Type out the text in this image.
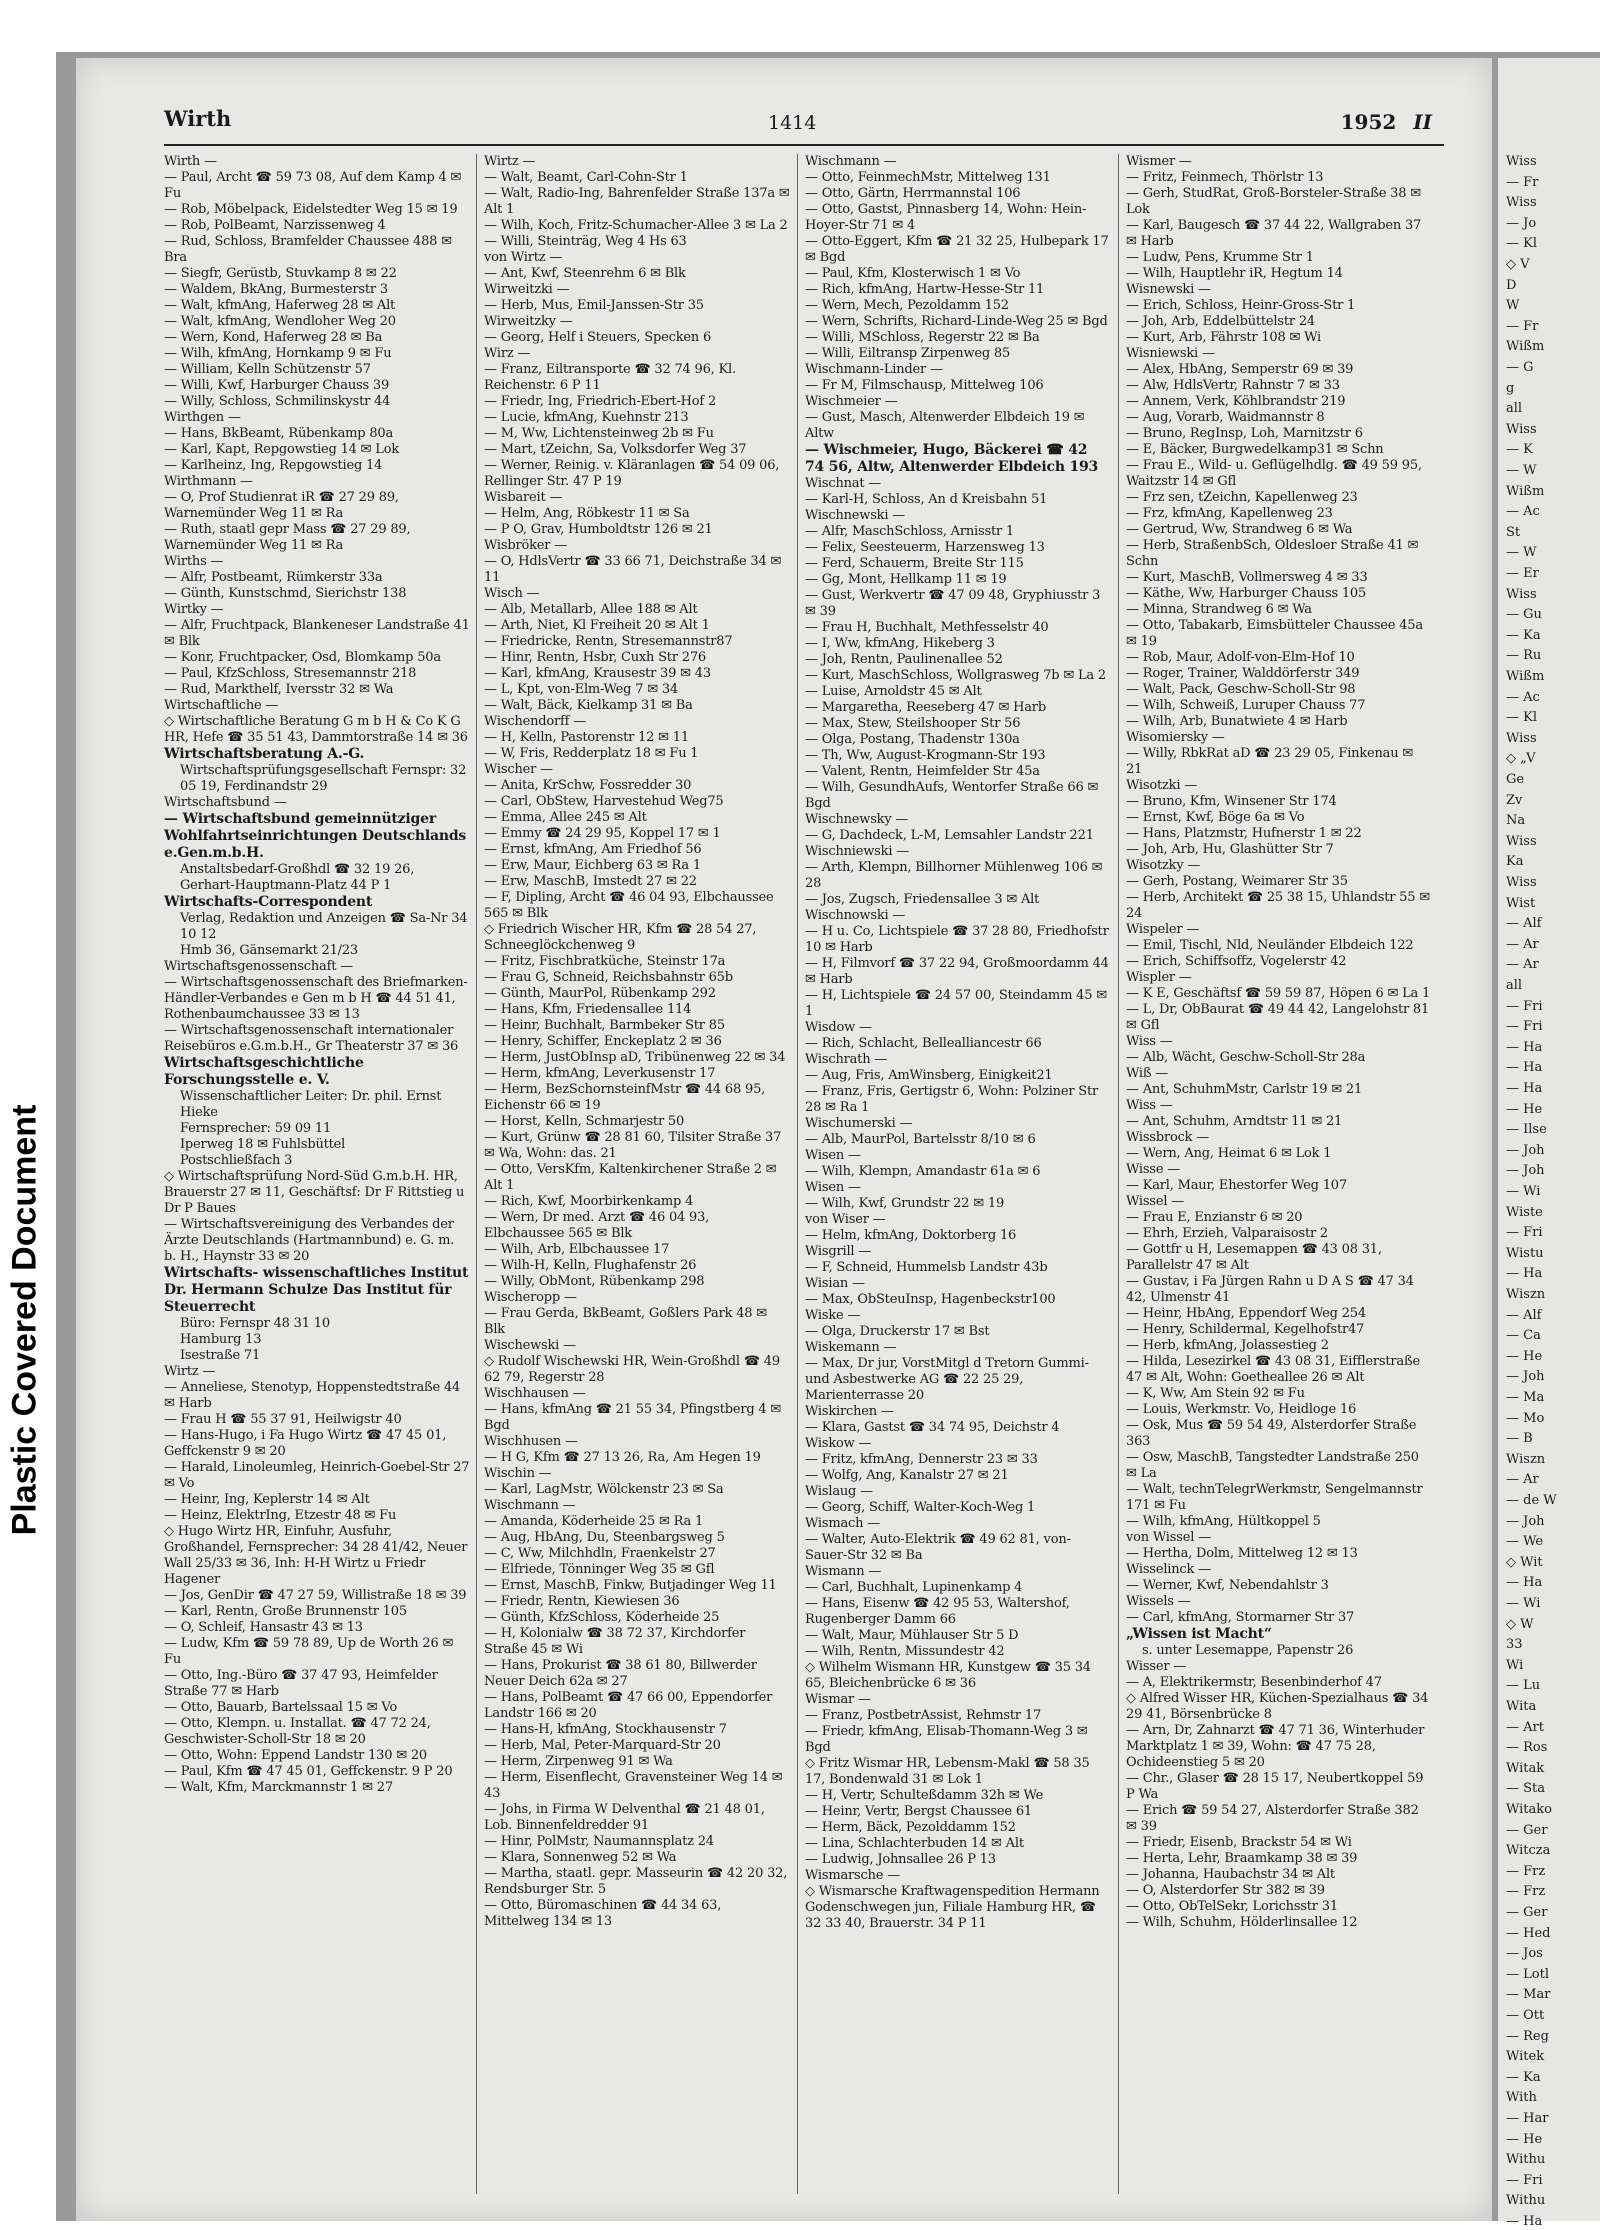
Plastic Covered Document
Wirth	1414	1952 II

Wirth —

— Paul, Archt ☎ 59 73 08, Auf dem Kamp 4 ✉ Fu

— Rob, Möbelpack, Eidelstedter Weg 15 ✉ 19

— Rob, PolBeamt, Narzissenweg 4

— Rud, Schloss, Bramfelder Chaussee 488 ✉ Bra

— Siegfr, Gerüstb, Stuvkamp 8 ✉ 22

— Waldem, BkAng, Burmesterstr 3

— Walt, kfmAng, Haferweg 28 ✉ Alt

— Walt, kfmAng, Wendloher Weg 20

— Wern, Kond, Haferweg 28 ✉ Ba

— Wilh, kfmAng, Hornkamp 9 ✉ Fu

— William, Kelln Schützenstr 57

— Willi, Kwf, Harburger Chauss 39

— Willy, Schloss, Schmilinskystr 44

Wirthgen —

— Hans, BkBeamt, Rübenkamp 80a

— Karl, Kapt, Repgowstieg 14 ✉ Lok

— Karlheinz, Ing, Repgowstieg 14

Wirthmann —

— O, Prof Studienrat iR ☎ 27 29 89, Warnemünder Weg 11 ✉ Ra

— Ruth, staatl gepr Mass ☎ 27 29 89, Warnemünder Weg 11 ✉ Ra

Wirths —

— Alfr, Postbeamt, Rümkerstr 33a

— Günth, Kunstschmd, Sierichstr 138

Wirtky —

— Alfr, Fruchtpack, Blankeneser Landstraße 41 ✉ Blk

— Konr, Fruchtpacker, Osd, Blomkamp 50a

— Paul, KfzSchloss, Stresemannstr 218

— Rud, Markthelf, Iversstr 32 ✉ Wa

Wirtschaftliche —

◇ Wirtschaftliche Beratung G m b H & Co K G HR, Hefe ☎ 35 51 43, Dammtorstraße 14 ✉ 36

Wirtschaftsberatung A.-G.

Wirtschaftsprüfungsgesellschaft Fernspr: 32 05 19, Ferdinandstr 29

Wirtschaftsbund —

— Wirtschaftsbund gemeinnütziger Wohlfahrtseinrichtungen Deutschlands e.Gen.m.b.H.

Anstaltsbedarf-Großhdl ☎ 32 19 26, Gerhart-Hauptmann-Platz 44 P 1

Wirtschafts-Correspondent

Verlag, Redaktion und Anzeigen ☎ Sa-Nr 34 10 12

Hmb 36, Gänsemarkt 21/23

Wirtschaftsgenossenschaft —

— Wirtschaftsgenossenschaft des Briefmarken-Händler-Verbandes e Gen m b H ☎ 44 51 41, Rothenbaumchaussee 33 ✉ 13

— Wirtschaftsgenossenschaft internationaler Reisebüros e.G.m.b.H., Gr Theaterstr 37 ✉ 36

Wirtschaftsgeschichtliche Forschungsstelle e. V.

Wissenschaftlicher Leiter: Dr. phil. Ernst Hieke

Fernsprecher: 59 09 11

Iperweg 18 ✉ Fuhlsbüttel

Postschließfach 3

◇ Wirtschaftsprüfung Nord-Süd G.m.b.H. HR, Brauerstr 27 ✉ 11, Geschäftsf: Dr F Rittstieg u Dr P Baues

— Wirtschaftsvereinigung des Verbandes der Ärzte Deutschlands (Hartmannbund) e. G. m. b. H., Haynstr 33 ✉ 20

Wirtschafts- wissenschaftliches Institut Dr. Hermann Schulze Das Institut für Steuerrecht

Büro: Fernspr 48 31 10

Hamburg 13

Isestraße 71

Wirtz —

— Anneliese, Stenotyp, Hoppenstedtstraße 44 ✉ Harb

— Frau H ☎ 55 37 91, Heilwigstr 40

— Hans-Hugo, i Fa Hugo Wirtz ☎ 47 45 01, Geffckenstr 9 ✉ 20

— Harald, Linoleumleg, Heinrich-Goebel-Str 27 ✉ Vo

— Heinr, Ing, Keplerstr 14 ✉ Alt

— Heinz, ElektrIng, Etzestr 48 ✉ Fu

◇ Hugo Wirtz HR, Einfuhr, Ausfuhr, Großhandel, Fernsprecher: 34 28 41/42, Neuer Wall 25/33 ✉ 36, Inh: H-H Wirtz u Friedr Hagener

— Jos, GenDir ☎ 47 27 59, Willistraße 18 ✉ 39

— Karl, Rentn, Große Brunnenstr 105

— O, Schleif, Hansastr 43 ✉ 13

— Ludw, Kfm ☎ 59 78 89, Up de Worth 26 ✉ Fu

— Otto, Ing.-Büro ☎ 37 47 93, Heimfelder Straße 77 ✉ Harb

— Otto, Bauarb, Bartelssaal 15 ✉ Vo

— Otto, Klempn. u. Installat. ☎ 47 72 24, Geschwister-Scholl-Str 18 ✉ 20

— Otto, Wohn: Eppend Landstr 130 ✉ 20

— Paul, Kfm ☎ 47 45 01, Geffckenstr. 9 P 20

— Walt, Kfm, Marckmannstr 1 ✉ 27

Wirtz —

— Walt, Beamt, Carl-Cohn-Str 1

— Walt, Radio-Ing, Bahrenfelder Straße 137a ✉ Alt 1

— Wilh, Koch, Fritz-Schumacher-Allee 3 ✉ La 2

— Willi, Steinträg, Weg 4 Hs 63

von Wirtz —

— Ant, Kwf, Steenrehm 6 ✉ Blk

Wirweitzki —

— Herb, Mus, Emil-Janssen-Str 35

Wirweitzky —

— Georg, Helf i Steuers, Specken 6

Wirz —

— Franz, Eiltransporte ☎ 32 74 96, Kl. Reichenstr. 6 P 11

— Friedr, Ing, Friedrich-Ebert-Hof 2

— Lucie, kfmAng, Kuehnstr 213

— M, Ww, Lichtensteinweg 2b ✉ Fu

— Mart, tZeichn, Sa, Volksdorfer Weg 37

— Werner, Reinig. v. Kläranlagen ☎ 54 09 06, Rellinger Str. 47 P 19

Wisbareit —

— Helm, Ang, Röbkestr 11 ✉ Sa

— P O, Grav, Humboldtstr 126 ✉ 21

Wisbröker —

— O, HdlsVertr ☎ 33 66 71, Deichstraße 34 ✉ 11

Wisch —

— Alb, Metallarb, Allee 188 ✉ Alt

— Arth, Niet, Kl Freiheit 20 ✉ Alt 1

— Friedricke, Rentn, Stresemannstr87

— Hinr, Rentn, Hsbr, Cuxh Str 276

— Karl, kfmAng, Krausestr 39 ✉ 43

— L, Kpt, von-Elm-Weg 7 ✉ 34

— Walt, Bäck, Kielkamp 31 ✉ Ba

Wischendorff —

— H, Kelln, Pastorenstr 12 ✉ 11

— W, Fris, Redderplatz 18 ✉ Fu 1

Wischer —

— Anita, KrSchw, Fossredder 30

— Carl, ObStew, Harvestehud Weg75

— Emma, Allee 245 ✉ Alt

— Emmy ☎ 24 29 95, Koppel 17 ✉ 1

— Ernst, kfmAng, Am Friedhof 56

— Erw, Maur, Eichberg 63 ✉ Ra 1

— Erw, MaschB, Imstedt 27 ✉ 22

— F, Dipling, Archt ☎ 46 04 93, Elbchaussee 565 ✉ Blk

◇ Friedrich Wischer HR, Kfm ☎ 28 54 27, Schneeglöckchenweg 9

— Fritz, Fischbratküche, Steinstr 17a

— Frau G, Schneid, Reichsbahnstr 65b

— Günth, MaurPol, Rübenkamp 292

— Hans, Kfm, Friedensallee 114

— Heinr, Buchhalt, Barmbeker Str 85

— Henry, Schiffer, Enckeplatz 2 ✉ 36

— Herm, JustObInsp aD, Tribünenweg 22 ✉ 34

— Herm, kfmAng, Leverkusenstr 17

— Herm, BezSchornsteinfMstr ☎ 44 68 95, Eichenstr 66 ✉ 19

— Horst, Kelln, Schmarjestr 50

— Kurt, Grünw ☎ 28 81 60, Tilsiter Straße 37 ✉ Wa, Wohn: das. 21

— Otto, VersKfm, Kaltenkirchener Straße 2 ✉ Alt 1

— Rich, Kwf, Moorbirkenkamp 4

— Wern, Dr med. Arzt ☎ 46 04 93, Elbchaussee 565 ✉ Blk

— Wilh, Arb, Elbchaussee 17

— Wilh-H, Kelln, Flughafenstr 26

— Willy, ObMont, Rübenkamp 298

Wischeropp —

— Frau Gerda, BkBeamt, Goßlers Park 48 ✉ Blk

Wischewski —

◇ Rudolf Wischewski HR, Wein-Großhdl ☎ 49 62 79, Regerstr 28

Wischhausen —

— Hans, kfmAng ☎ 21 55 34, Pfingstberg 4 ✉ Bgd

Wischhusen —

— H G, Kfm ☎ 27 13 26, Ra, Am Hegen 19

Wischin —

— Karl, LagMstr, Wölckenstr 23 ✉ Sa

Wischmann —

— Amanda, Köderheide 25 ✉ Ra 1

— Aug, HbAng, Du, Steenbargsweg 5

— C, Ww, Milchhdln, Fraenkelstr 27

— Elfriede, Tönninger Weg 35 ✉ Gfl

— Ernst, MaschB, Finkw, Butjadinger Weg 11

— Friedr, Rentn, Kiewiesen 36

— Günth, KfzSchloss, Köderheide 25

— H, Kolonialw ☎ 38 72 37, Kirchdorfer Straße 45 ✉ Wi

— Hans, Prokurist ☎ 38 61 80, Billwerder Neuer Deich 62a ✉ 27

— Hans, PolBeamt ☎ 47 66 00, Eppendorfer Landstr 166 ✉ 20

— Hans-H, kfmAng, Stockhausenstr 7

— Herb, Mal, Peter-Marquard-Str 20

— Herm, Zirpenweg 91 ✉ Wa

— Herm, Eisenflecht, Gravensteiner Weg 14 ✉ 43

— Johs, in Firma W Delventhal ☎ 21 48 01, Lob. Binnenfeldredder 91

— Hinr, PolMstr, Naumannsplatz 24

— Klara, Sonnenweg 52 ✉ Wa

— Martha, staatl. gepr. Masseurin ☎ 42 20 32, Rendsburger Str. 5

— Otto, Büromaschinen ☎ 44 34 63, Mittelweg 134 ✉ 13

Wischmann —

— Otto, FeinmechMstr, Mittelweg 131

— Otto, Gärtn, Herrmannstal 106

— Otto, Gastst, Pinnasberg 14, Wohn: Hein-Hoyer-Str 71 ✉ 4

— Otto-Eggert, Kfm ☎ 21 32 25, Hulbepark 17 ✉ Bgd

— Paul, Kfm, Klosterwisch 1 ✉ Vo

— Rich, kfmAng, Hartw-Hesse-Str 11

— Wern, Mech, Pezoldamm 152

— Wern, Schrifts, Richard-Linde-Weg 25 ✉ Bgd

— Willi, MSchloss, Regerstr 22 ✉ Ba

— Willi, Eiltransp Zirpenweg 85

Wischmann-Linder —

— Fr M, Filmschausp, Mittelweg 106

Wischmeier —

— Gust, Masch, Altenwerder Elbdeich 19 ✉ Altw

— Wischmeier, Hugo, Bäckerei ☎ 42 74 56, Altw, Altenwerder Elbdeich 193

Wischnat —

— Karl-H, Schloss, An d Kreisbahn 51

Wischnewski —

— Alfr, MaschSchloss, Arnisstr 1

— Felix, Seesteuerm, Harzensweg 13

— Ferd, Schauerm, Breite Str 115

— Gg, Mont, Hellkamp 11 ✉ 19

— Gust, Werkvertr ☎ 47 09 48, Gryphiusstr 3 ✉ 39

— Frau H, Buchhalt, Methfesselstr 40

— I, Ww, kfmAng, Hikeberg 3

— Joh, Rentn, Paulinenallee 52

— Kurt, MaschSchloss, Wollgrasweg 7b ✉ La 2

— Luise, Arnoldstr 45 ✉ Alt

— Margaretha, Reeseberg 47 ✉ Harb

— Max, Stew, Steilshooper Str 56

— Olga, Postang, Thadenstr 130a

— Th, Ww, August-Krogmann-Str 193

— Valent, Rentn, Heimfelder Str 45a

— Wilh, GesundhAufs, Wentorfer Straße 66 ✉ Bgd

Wischnewsky —

— G, Dachdeck, L-M, Lemsahler Landstr 221

Wischniewski —

— Arth, Klempn, Billhorner Mühlenweg 106 ✉ 28

— Jos, Zugsch, Friedensallee 3 ✉ Alt

Wischnowski —

— H u. Co, Lichtspiele ☎ 37 28 80, Friedhofstr 10 ✉ Harb

— H, Filmvorf ☎ 37 22 94, Großmoordamm 44 ✉ Harb

— H, Lichtspiele ☎ 24 57 00, Steindamm 45 ✉ 1

Wisdow —

— Rich, Schlacht, Belleallianсestr 66

Wischrath —

— Aug, Fris, AmWinsberg, Einigkeit21

— Franz, Fris, Gertigstr 6, Wohn: Polziner Str 28 ✉ Ra 1

Wischumerski —

— Alb, MaurPol, Bartelsstr 8/10 ✉ 6

Wisen —

— Wilh, Klempn, Amandastr 61a ✉ 6

Wisen —

— Wilh, Kwf, Grundstr 22 ✉ 19

von Wiser —

— Helm, kfmAng, Doktorberg 16

Wisgrill —

— F, Schneid, Hummelsb Landstr 43b

Wisian —

— Max, ObSteuInsp, Hagenbeckstr100

Wiske —

— Olga, Druckerstr 17 ✉ Bst

Wiskemann —

— Max, Dr jur, VorstMitgl d Tretorn Gummi- und Asbestwerke AG ☎ 22 25 29, Marienterrasse 20

Wiskirchen —

— Klara, Gastst ☎ 34 74 95, Deichstr 4

Wiskow —

— Fritz, kfmAng, Dennerstr 23 ✉ 33

— Wolfg, Ang, Kanalstr 27 ✉ 21

Wislaug —

— Georg, Schiff, Walter-Koch-Weg 1

Wismach —

— Walter, Auto-Elektrik ☎ 49 62 81, von-Sauer-Str 32 ✉ Ba

Wismann —

— Carl, Buchhalt, Lupinenkamp 4

— Hans, Eisenw ☎ 42 95 53, Waltershof, Rugenberger Damm 66

— Walt, Maur, Mühlauser Str 5 D

— Wilh, Rentn, Missundestr 42

◇ Wilhelm Wismann HR, Kunstgew ☎ 35 34 65, Bleichenbrücke 6 ✉ 36

Wismar —

— Franz, PostbetrAssist, Rehmstr 17

— Friedr, kfmAng, Elisab-Thomann-Weg 3 ✉ Bgd

◇ Fritz Wismar HR, Lebensm-Makl ☎ 58 35 17, Bondenwald 31 ✉ Lok 1

— H, Vertr, Schulteßdamm 32h ✉ We

— Heinr, Vertr, Bergst Chaussee 61

— Herm, Bäck, Pezolddamm 152

— Lina, Schlachterbuden 14 ✉ Alt

— Ludwig, Johnsallee 26 P 13

Wismarsche —

◇ Wismarsche Kraftwagenspedition Hermann Godenschwegen jun, Filiale Hamburg HR, ☎ 32 33 40, Brauerstr. 34 P 11

Wismer —

— Fritz, Feinmech, Thörlstr 13

— Gerh, StudRat, Groß-Borsteler-Straße 38 ✉ Lok

— Karl, Baugesch ☎ 37 44 22, Wallgraben 37 ✉ Harb

— Ludw, Pens, Krumme Str 1

— Wilh, Hauptlehr iR, Hegtum 14

Wisnewski —

— Erich, Schloss, Heinr-Gross-Str 1

— Joh, Arb, Eddelbüttelstr 24

— Kurt, Arb, Fährstr 108 ✉ Wi

Wisniewski —

— Alex, HbAng, Semperstr 69 ✉ 39

— Alw, HdlsVertr, Rahnstr 7 ✉ 33

— Annem, Verk, Köhlbrandstr 219

— Aug, Vorarb, Waidmannstr 8

— Bruno, RegInsp, Loh, Marnitzstr 6

— E, Bäcker, Burgwedelkamp31 ✉ Schn

— Frau E., Wild- u. Geflügelhdlg. ☎ 49 59 95, Waitzstr 14 ✉ Gfl

— Frz sen, tZeichn, Kapellenweg 23

— Frz, kfmAng, Kapellenweg 23

— Gertrud, Ww, Strandweg 6 ✉ Wa

— Herb, StraßenbSch, Oldesloer Straße 41 ✉ Schn

— Kurt, MaschB, Vollmersweg 4 ✉ 33

— Käthe, Ww, Harburger Chauss 105

— Minna, Strandweg 6 ✉ Wa

— Otto, Tabakarb, Eimsbütteler Chaussee 45a ✉ 19

— Rob, Maur, Adolf-von-Elm-Hof 10

— Roger, Trainer, Walddörferstr 349

— Walt, Pack, Geschw-Scholl-Str 98

— Wilh, Schweiß, Luruper Chauss 77

— Wilh, Arb, Bunatwiete 4 ✉ Harb

Wisomiersky —

— Willy, RbkRat aD ☎ 23 29 05, Finkenau ✉ 21

Wisotzki —

— Bruno, Kfm, Winsener Str 174

— Ernst, Kwf, Böge 6a ✉ Vo

— Hans, Platzmstr, Hufnerstr 1 ✉ 22

— Joh, Arb, Hu, Glashütter Str 7

Wisotzky —

— Gerh, Postang, Weimarer Str 35

— Herb, Architekt ☎ 25 38 15, Uhlandstr 55 ✉ 24

Wispeler —

— Emil, Tischl, Nld, Neuländer Elbdeich 122

— Erich, Schiffsoffz, Vogelerstr 42

Wispler —

— K E, Geschäftsf ☎ 59 59 87, Höpen 6 ✉ La 1

— L, Dr, ObBaurat ☎ 49 44 42, Langelohstr 81 ✉ Gfl

Wiss —

— Alb, Wächt, Geschw-Scholl-Str 28a

Wiß —

— Ant, SchuhmMstr, Carlstr 19 ✉ 21

Wiss —

— Ant, Schuhm, Arndtstr 11 ✉ 21

Wissbrock —

— Wern, Ang, Heimat 6 ✉ Lok 1

Wisse —

— Karl, Maur, Ehestorfer Weg 107

Wissel —

— Frau E, Enzianstr 6 ✉ 20

— Ehrh, Erzieh, Valparaisostr 2

— Gottfr u H, Lesemappen ☎ 43 08 31, Parallelstr 47 ✉ Alt

— Gustav, i Fa Jürgen Rahn u D A S ☎ 47 34 42, Ulmenstr 41

— Heinr, HbAng, Eppendorf Weg 254

— Henry, Schildermal, Kegelhofstr47

— Herb, kfmAng, Jolassestieg 2

— Hilda, Lesezirkel ☎ 43 08 31, Eifflerstraße 47 ✉ Alt, Wohn: Goetheallee 26 ✉ Alt

— K, Ww, Am Stein 92 ✉ Fu

— Louis, Werkmstr. Vo, Heidloge 16

— Osk, Mus ☎ 59 54 49, Alsterdorfer Straße 363

— Osw, MaschB, Tangstedter Landstraße 250 ✉ La

— Walt, technTelegrWerkmstr, Sengelmannstr 171 ✉ Fu

— Wilh, kfmAng, Hültkoppel 5

von Wissel —

— Hertha, Dolm, Mittelweg 12 ✉ 13

Wisselinck —

— Werner, Kwf, Nebendahlstr 3

Wissels —

— Carl, kfmAng, Stormarner Str 37

„Wissen ist Macht“

s. unter Lesemappe, Papenstr 26

Wisser —

— A, Elektrikermstr, Besenbinderhof 47

◇ Alfred Wisser HR, Küchen-Spezialhaus ☎ 34 29 41, Börsenbrücke 8

— Arn, Dr, Zahnarzt ☎ 47 71 36, Winterhuder Marktplatz 1 ✉ 39, Wohn: ☎ 47 75 28, Ochideenstieg 5 ✉ 20

— Chr., Glaser ☎ 28 15 17, Neubertkoppel 59 P Wa

— Erich ☎ 59 54 27, Alsterdorfer Straße 382 ✉ 39

— Friedr, Eisenb, Brackstr 54 ✉ Wi

— Herta, Lehr, Braamkamp 38 ✉ 39

— Johanna, Haubachstr 34 ✉ Alt

— O, Alsterdorfer Str 382 ✉ 39

— Otto, ObTelSekr, Lorichsstr 31

— Wilh, Schuhm, Hölderlinsallee 12

Wiss
— Fr
Wiss
— Jo
— Kl
◇ V
D
W
— Fr
Wißm
— G
g
all
Wiss
— K
— W
Wißm
— Ac
St
— W
— Er
Wiss
— Gu
— Ka
— Ru
Wißm
— Ac
— Kl
Wiss
◇ „V
Ge
Zv
Na
Wiss
Ka
Wiss
Wist
— Alf
— Ar
— Ar
all
— Fri
— Fri
— Ha
— Ha
— Ha
— He
— Ilse
— Joh
— Joh
— Wi
Wiste
— Fri
Wistu
— Ha
Wiszn
— Alf
— Ca
— He
— Joh
— Ma
— Mo
— B
Wiszn
— Ar
— de W
— Joh
— We
◇ Wit
— Ha
— Wi
◇ W
33
Wi
— Lu
Wita
— Art
— Ros
Witak
— Sta
Witako
— Ger
Witcza
— Frz
— Frz
— Ger
— Hed
— Jos
— Lotl
— Mar
— Ott
— Reg
Witek
— Ka
With
— Har
— He
Withu
— Fri
Withu
— Ha
